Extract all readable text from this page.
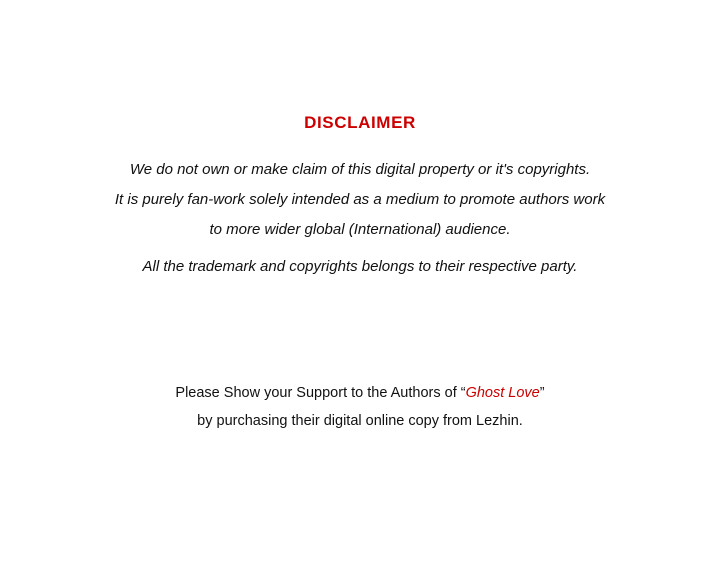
DISCLAIMER
We do not own or make claim of this digital property or it's copyrights.
It is purely fan-work solely intended as a medium to promote authors work
to more wider global (International) audience.
All the trademark and copyrights belongs to their respective party.
Please Show your Support to the Authors of “Ghost Love”
by purchasing their digital online copy from Lezhin.
